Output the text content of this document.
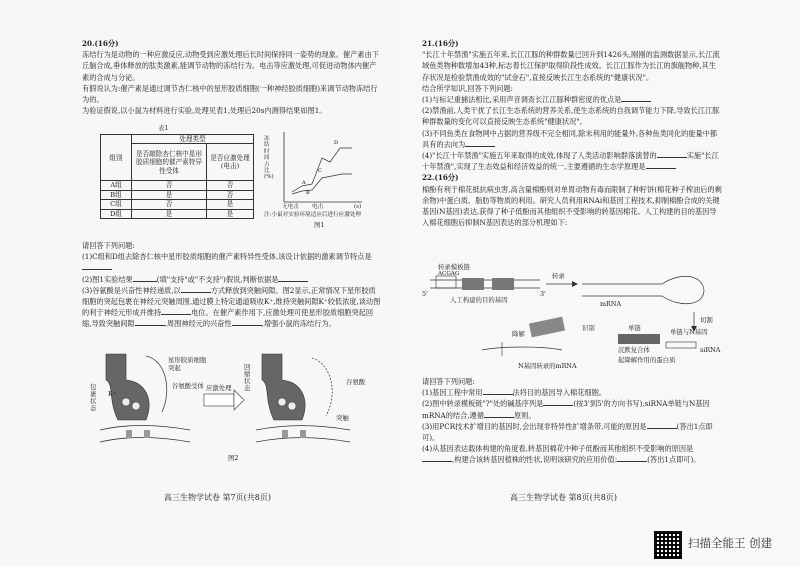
20.(16分)

冻结行为是动物的一种应激反应,动物受到应激处理后长时间保持同一姿势的现象。催产素由下丘脑合成,垂体释放的肽类激素,能调节动物的冻结行为。电击等应激处理,可促进动物体内催产素的合成与分泌。

有假说认为:催产素是通过调节杏仁核中的星形胶质细胞(一种神经胶质细胞)来调节动物冻结行为的。

为验证假说,以小鼠为材料进行实验,处理见表1,处理后20s内测得结果如图1。

表1
组别	处理类型	
	是否敲除杏仁核中星形胶质细胞的催产素特异性受体	是否应激处理(电击)
A组	否	否
B组	是	否
C组	否	是
D组	是	是
A
B
C
D
冻结时间占比(%)
无电击 电击	(s)
注:小鼠对实验环境适应后进行应激处理
图1

请回答下列问题:

(1)C组和D组去除杏仁核中星形胶质细胞的催产素特异性受体,该设计依据的激素调节特点是

(2)图1实验结果	(填"支持"或"不支持")假说,判断依据是

(3)谷氨酸是兴奋性神经递质,以	方式释放到突触间隙。图2显示,正常情况下星形胶质细胞的突起包裹在神经元突触周围,通过膜上特定通道吸收K⁺,维持突触间隙K⁺较低浓度,谈动图的利于神经元形成并维持	电位。在催产素作用下,应激处理可使星形胶质细胞突起回缩,导致突触间隙	,周围神经元的兴奋性	,增强小鼠的冻结行为。

星形胶质细胞突起
谷氨酸受体	谷氨酸
K⁺
应激处理
回缩状态
包裹状态
突触
图2
高三生物学试卷 第7页(共8页)

21.(16分)

"长江十年禁渔"实施五年来,长江江豚的种群数量已回升到1426头,刚刚的监测数据显示,长江流域鱼类物种数增加43种,标志着长江保护取得阶段性成效。长江江豚作为长江的旗舰物种,其生存状况是检验禁渔成效的"试金石",直接反映长江生态系统的"健康状况"。

结合所学知识,回答下列问题:

(1)与标记重捕法相比,采用声音调查长江江豚种群密度的优点是

(2)禁渔前,人类干扰了长江生态系统的营养关系,使生态系统的自我调节能力下降,导致长江江豚种群数量的变化可以直接反映生态系统"健康状况"。

(3)不同鱼类在食物网中占据的营养级不完全相同,除未利用的能量外,各种鱼类同化的能量中都具有的去向为

(4)"长江十年禁渔"实施五年来取得的成效,体现了人类活动影响群落演替的	实施"长江十年禁渔",实现了生态效益和经济效益的统一,主要遵循的生态学原理是

22.(16分)

棉酚有利于棉花抵抗病虫害,高含量棉酚则对单胃动物有毒而限制了种籽饼(棉花种子榨油后的剩余物)中蛋白质、脂肪等物质的利用。研究人员利用RNAi和基因工程技术,抑制棉酚合成的关键基因(N基因)表达,获得了种子低酚而其他组织不受影响的转基因棉花。人工构建的目的基因导入棉花细胞后抑制N基因表达的部分机理如下:

转录模板链
ACGAG
5'	3'
人工构建的目的基因
转录
mRNA
切割
siRNA
单链	单链与N基因
识别
降解
N基因转录的mRNA
沉默复合体
起降解作用的蛋白质

请回答下列问题:

(1)基因工程中常用	法将目的基因导入棉花细胞。

(2)图中转录模板链"?"处的碱基序列是	(按3'到5'的方向书写),siRNA单链与N基因mRNA的结合,遵循	原则。

(3)用PCR技术扩增目的基因时,会出现非特异性扩增条带,可能的原因是	(答出1点即可)。

(4)从基因表达载体构建的角度看,转基因棉花中种子低酚而其他组织不受影响的原因是,构建合该转基因植株的性状,说明该研究的应用价值:	(答出1点即可)。

高三生物学试卷 第8页(共8页)
扫描全能王 创建
